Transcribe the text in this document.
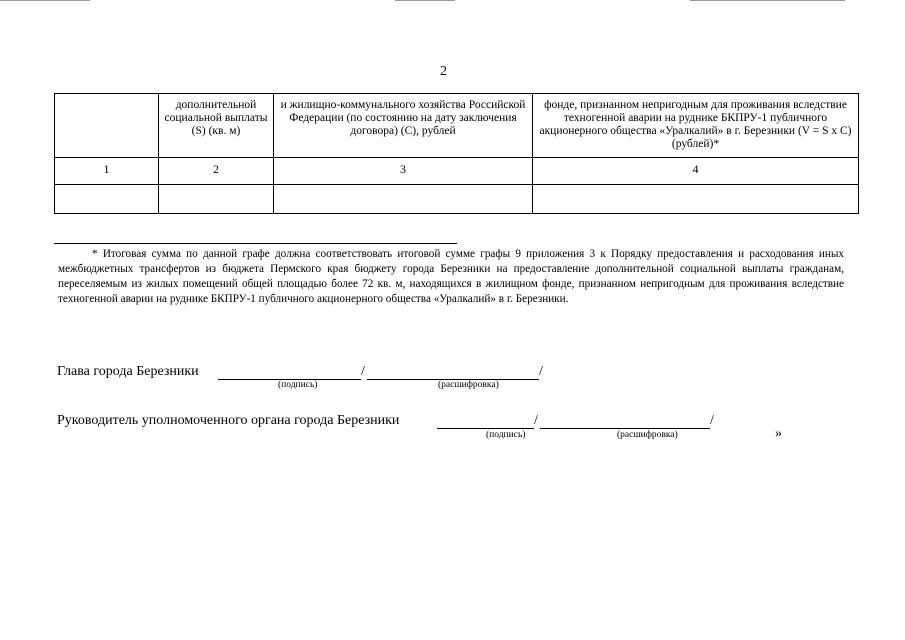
2
	дополнительной социальной выплаты (S) (кв. м)	и жилищно-коммунального хозяйства Российской Федерации (по состоянию на дату заключения договора) (С), рублей	фонде, признанном непригодным для проживания вследствие техногенной аварии на руднике БКПРУ-1 публичного акционерного общества «Уралкалий» в г. Березники (V = S x С) (рублей)*
1	2	3	4

* Итоговая сумма по данной графе должна соответствовать итоговой сумме графы 9 приложения 3 к Порядку предоставления и расходования иных межбюджетных трансфертов из бюджета Пермского края бюджету города Березники на предоставление дополнительной социальной выплаты гражданам, переселяемым из жилых помещений общей площадью более 72 кв. м, находящихся в жилищном фонде, признанном непригодным для проживания вследствие техногенной аварии на руднике БКПРУ-1 публичного акционерного общества «Уралкалий» в г. Березники.

Глава города Березники	/	/
(подпись)	(расшифровка)
Руководитель уполномоченного органа города Березники	/	/
(подпись)	(расшифровка)	»
